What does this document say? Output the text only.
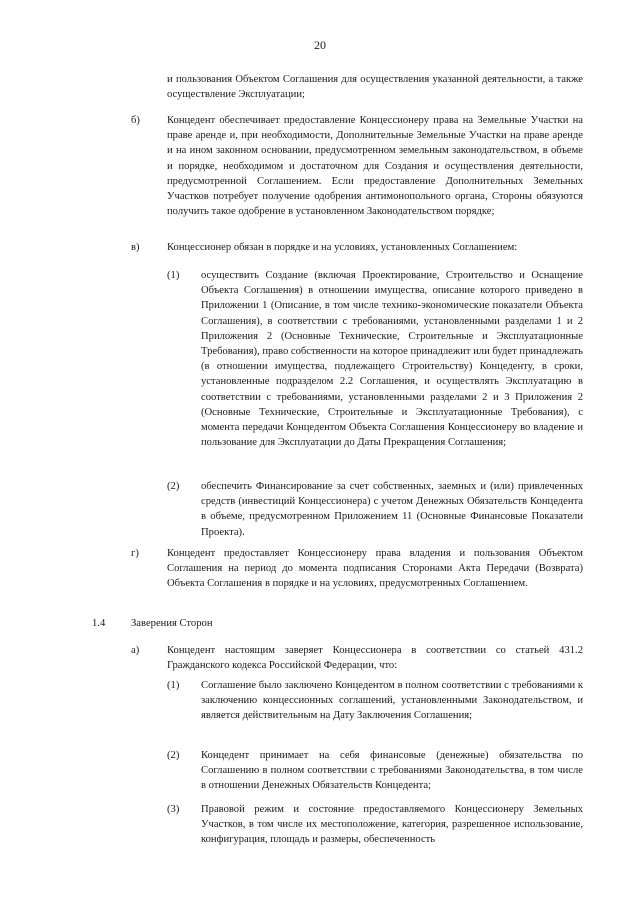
20
и пользования Объектом Соглашения для осуществления указанной деятельности, а также осуществление Эксплуатации;
б)	Концедент обеспечивает предоставление Концессионеру права на Земельные Участки на праве аренде и, при необходимости, Дополнительные Земельные Участки на праве аренде и на ином законном основании, предусмотренном земельным законодательством, в объеме и порядке, необходимом и достаточном для Создания и осуществления деятельности, предусмотренной Соглашением. Если предоставление Дополнительных Земельных Участков потребует получение одобрения антимонопольного органа, Стороны обязуются получить такое одобрение в установленном Законодательством порядке;
в)	Концессионер обязан в порядке и на условиях, установленных Соглашением:
(1) осуществить Создание (включая Проектирование, Строительство и Оснащение Объекта Соглашения) в отношении имущества, описание которого приведено в Приложении 1 (Описание, в том числе технико-экономические показатели Объекта Соглашения), в соответствии с требованиями, установленными разделами 1 и 2 Приложения 2 (Основные Технические, Строительные и Эксплуатационные Требования), право собственности на которое принадлежит или будет принадлежать (в отношении имущества, подлежащего Строительству) Концеденту, в сроки, установленные подразделом 2.2 Соглашения, и осуществлять Эксплуатацию в соответствии с требованиями, установленными разделами 2 и 3 Приложения 2 (Основные Технические, Строительные и Эксплуатационные Требования), с момента передачи Концедентом Объекта Соглашения Концессионеру во владение и пользование для Эксплуатации до Даты Прекращения Соглашения;
(2) обеспечить Финансирование за счет собственных, заемных и (или) привлеченных средств (инвестиций Концессионера) с учетом Денежных Обязательств Концедента в объеме, предусмотренном Приложением 11 (Основные Финансовые Показатели Проекта).
г)	Концедент предоставляет Концессионеру права владения и пользования Объектом Соглашения на период до момента подписания Сторонами Акта Передачи (Возврата) Объекта Соглашения в порядке и на условиях, предусмотренных Соглашением.
1.4 Заверения Сторон
а)	Концедент настоящим заверяет Концессионера в соответствии со статьей 431.2 Гражданского кодекса Российской Федерации, что:
(1) Соглашение было заключено Концедентом в полном соответствии с требованиями к заключению концессионных соглашений, установленными Законодательством, и является действительным на Дату Заключения Соглашения;
(2) Концедент принимает на себя финансовые (денежные) обязательства по Соглашению в полном соответствии с требованиями Законодательства, в том числе в отношении Денежных Обязательств Концедента;
(3) Правовой режим и состояние предоставляемого Концессионеру Земельных Участков, в том числе их местоположение, категория, разрешенное использование, конфигурация, площадь и размеры, обеспеченность
